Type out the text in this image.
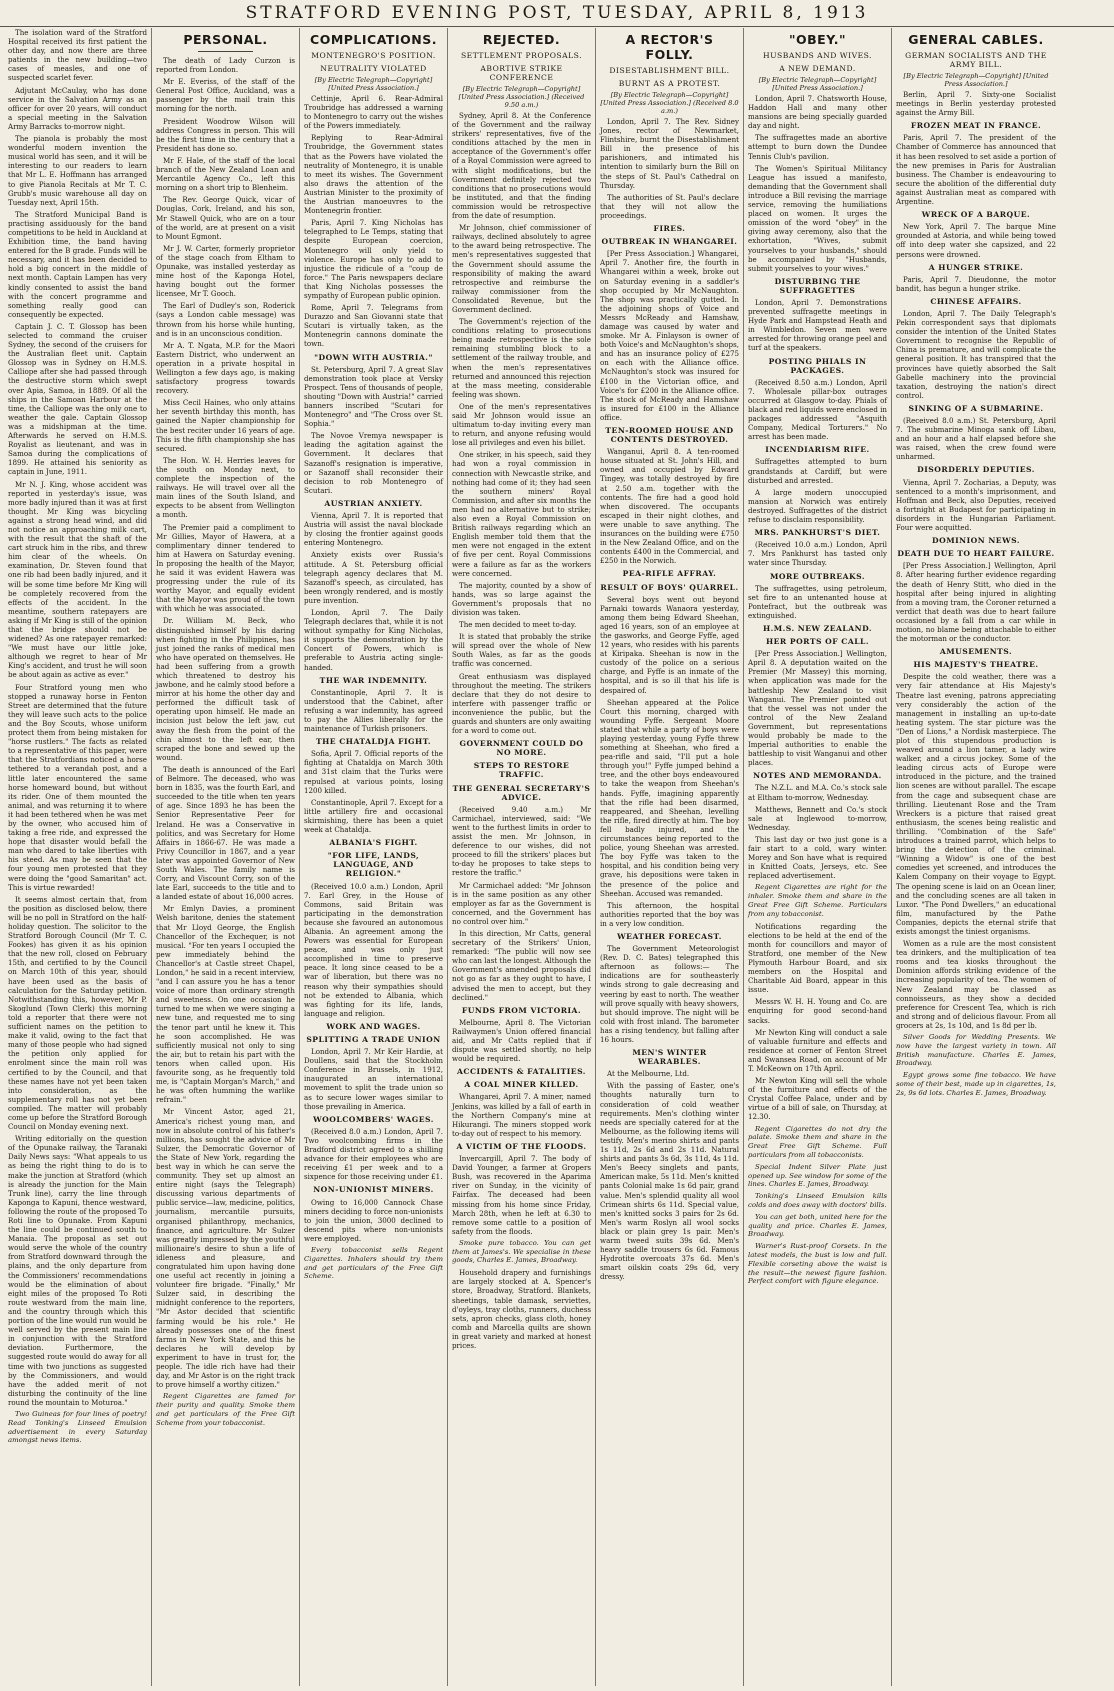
STRATFORD EVENING POST, TUESDAY, APRIL 8, 1913

The isolation ward of the Stratford Hospital received its first patient the other day, and now there are three patients in the new building—two cases of measles, and one of suspected scarlet fever.

Adjutant McCaulay, who has done service in the Salvation Army as an officer for over 20 years, will conduct a special meeting in the Salvation Army Barracks to-morrow night.

The pianola is probably the most wonderful modern invention the musical world has seen, and it will be interesting to our readers to learn that Mr L. E. Hoffmann has arranged to give Pianola Recitals at Mr T. C. Grubb's music warehouse all day on Tuesday next, April 15th.

The Stratford Municipal Band is practising assiduously for the band competitions to be held in Auckland at Exhibition time, the band having entered for the B grade. Funds will be necessary, and it has been decided to hold a big concert in the middle of next month. Captain Lampen has very kindly consented to assist the band with the concert programme and something really good can consequently be expected.

Captain J. C. T. Glossop has been selected to command the cruiser Sydney, the second of the cruisers for the Australian fleet unit. Captain Glossop was in Sydney on H.M.S. Calliope after she had passed through the destructive storm which swept over Apia, Samoa, in 1889. Of all the ships in the Samoan Harbour at the time, the Calliope was the only one to weather the gale. Captain Glossop was a midshipman at the time. Afterwards he served on H.M.S. Royalist as lieutenant, and was in Samoa during the complications of 1899. He attained his seniority as captain in June, 1911.

Mr N. J. King, whose accident was reported in yesterday's issue, was more badly injured than it was at first thought. Mr King was bicycling against a strong head wind, and did not notice an approaching milk cart, with the result that the shaft of the cart struck him in the ribs, and threw him clear of the wheels. On examination, Dr. Steven found that one rib had been badly injured, and it will be some time before Mr King will be completely recovered from the effects of the accident. In the meantime, southern ratepayers are asking if Mr King is still of the opinion that the bridge should not be widened? As one ratepayer remarked: "We must have our little joke, although we regret to hear of Mr King's accident, and trust he will soon be about again as active as ever."

Four Stratford young men who stopped a runaway horse in Fenton Street are determined that the future they will leave such acts to the police and the Boy Scouts, whose uniform protect them from being mistaken for "horse rustlers." The facts as related to a representative of this paper, were that the Stratfordians noticed a horse tethered to a verandah post, and a little later encountered the same horse homeward bound, but without its rider. One of them mounted the animal, and was returning it to where it had been tethered when he was met by the owner, who accused him of taking a free ride, and expressed the hope that disaster would befall the man who dared to take liberties with his steed. As may be seen that the four young men protested that they were doing the "good Samaritan" act. This is virtue rewarded!

It seems almost certain that, from the position as disclosed below, there will be no poll in Stratford on the half-holiday question. The solicitor to the Stratford Borough Council (Mr T. C. Fookes) has given it as his opinion that the new roll, closed on February 15th, and certified to by the Council on March 10th of this year, should have been used as the basis of calculation for the Saturday petition. Notwithstanding this, however, Mr P. Skoglund (Town Clerk) this morning told a reporter that there were not sufficient names on the petition to make it valid, owing to the fact that many of those people who had signed the petition only applied for enrolment since the main roll was certified to by the Council, and that these names have not yet been taken into consideration, as the supplementary roll has not yet been compiled. The matter will probably come up before the Stratford Borough Council on Monday evening next.

Writing editorially on the question of the Opunake railway, the Taranaki Daily News says: "What appeals to us as being the right thing to do is to make the junction at Stratford (which is already the junction for the Main Trunk line), carry the line through Kaponga to Kapuni, thence westward, following the route of the proposed To Roti line to Opunake. From Kapuni the line could be continued south to Manaia. The proposal as set out would serve the whole of the country from Stratford downward through the plains, and the only departure from the Commissioners' recommendations would be the elimination of about eight miles of the proposed To Roti route westward from the main line, and the country through which this portion of the line would run would be well served by the present main line in conjunction with the Stratford deviation. Furthermore, the suggested route would do away for all time with two junctions as suggested by the Commissioners, and would have the added merit of not disturbing the continuity of the line round the mountain to Moturoa."

Two Guineas for four lines of poetry! Read Tonking's Linseed Emulsion advertisement in every Saturday amongst news items.

PERSONAL.

The death of Lady Curzon is reported from London.

Mr E. Everiss, of the staff of the General Post Office, Auckland, was a passenger by the mail train this morning for the north.

President Woodrow Wilson will address Congress in person. This will be the first time in the century that a President has done so.

Mr F. Hale, of the staff of the local branch of the New Zealand Loan and Mercantile Agency Co., left this morning on a short trip to Blenheim.

The Rev. George Quick, vicar of Douglas, Cork, Ireland, and his son, Mr Stawell Quick, who are on a tour of the world, are at present on a visit to Mount Egmont.

Mr J. W. Carter, formerly proprietor of the stage coach from Eltham to Opunake, was installed yesterday as mine host of the Kaponga Hotel, having bought out the former licensee, Mr T. Gooch.

The Earl of Dudley's son, Roderick (says a London cable message) was thrown from his horse while hunting, and is in an unconscious condition.

Mr A. T. Ngata, M.P. for the Maori Eastern District, who underwent an operation in a private hospital in Wellington a few days ago, is making satisfactory progress towards recovery.

Miss Cecil Haines, who only attains her seventh birthday this month, has gained the Napier championship for the best reciter under 16 years of age. This is the fifth championship she has secured.

The Hon. W. H. Herries leaves for the south on Monday next, to complete the inspection of the railways. He will travel over all the main lines of the South Island, and expects to be absent from Wellington a month.

The Premier paid a compliment to Mr Gillies, Mayor of Hawera, at a complimentary dinner tendered to him at Hawera on Saturday evening. In proposing the health of the Mayor, he said it was evident Hawera was progressing under the rule of its worthy Mayor, and equally evident that the Mayor was proud of the town with which he was associated.

Dr. William M. Beck, who distinguished himself by his daring when fighting in the Philippines, has just joined the ranks of medical men who have operated on themselves. He had been suffering from a growth which threatened to destroy his jawbone, and he calmly stood before a mirror at his home the other day and performed the difficult task of operating upon himself. He made an incision just below the left jaw, cut away the flesh from the point of the chin almost to the left ear, then scraped the bone and sewed up the wound.

The death is announced of the Earl of Belmore. The deceased, who was born in 1835, was the fourth Earl, and succeeded to the title when ten years of age. Since 1893 he has been the Senior Representative Peer for Ireland. He was a Conservative in politics, and was Secretary for Home Affairs in 1866-67. He was made a Privy Councillor in 1867, and a year later was appointed Governor of New South Wales. The family name is Corry, and Viscount Corry, son of the late Earl, succeeds to the title and to a landed estate of about 16,000 acres.

Mr Emlyn Davies, a prominent Welsh baritone, denies the statement that Mr Lloyd George, the English Chancellor of the Exchequer, is not musical. "For ten years I occupied the pew immediately behind the Chancellor's at Castle street Chapel, London," he said in a recent interview, "and I can assure you he has a tenor voice of more than ordinary strength and sweetness. On one occasion he turned to me when we were singing a new tune, and requested me to sing the tenor part until he knew it. This he soon accomplished. He was sufficiently musical not only to sing the air, but to retain his part with the tenors when called upon. His favourite song, as he frequently told me, is "Captain Morgan's March," and he was often humming the warlike refrain."

Mr Vincent Astor, aged 21, America's richest young man, and now in absolute control of his father's millions, has sought the advice of Mr Sulzer, the Democratic Governor of the State of New York, regarding the best way in which he can serve the community. They set up almost an entire night (says the Telegraph) discussing various departments of public service—law, medicine, politics, journalism, mercantile pursuits, organised philanthropy, mechanics, finance, and agriculture. Mr Sulzer was greatly impressed by the youthful millionaire's desire to shun a life of idleness and pleasure, and congratulated him upon having done one useful act recently in joining a volunteer fire brigade. "Finally," Mr Sulzer said, in describing the midnight conference to the reporters, "Mr Astor decided that scientific farming would be his role." He already possesses one of the finest farms in New York State, and this he declares he will develop by experiment to have in trust for, the people. The idle rich have had their day, and Mr Astor is on the right track to prove himself a worthy citizen."

Regent Cigarettes are famed for their purity and quality. Smoke them and get particulars of the Free Gift Scheme from your tobacconist.

COMPLICATIONS.
MONTENEGRO'S POSITION.
NEUTRALITY VIOLATED
[By Electric Telegraph—Copyright] [United Press Association.]

Cettinje, April 6. Rear-Admiral Troubridge has addressed a warning to Montenegro to carry out the wishes of the Powers immediately.

Replying to Rear-Admiral Troubridge, the Government states that as the Powers have violated the neutrality of Montenegro, it is unable to meet its wishes. The Government also draws the attention of the Austrian Minister to the proximity of the Austrian manoeuvres to the Montenegrin frontier.

Paris, April 7. King Nicholas has telegraphed to Le Temps, stating that despite European coercion, Montenegro will only yield to violence. Europe has only to add to injustice the ridicule of a "coup de force." The Paris newspapers declare that King Nicholas possesses the sympathy of European public opinion.

Rome, April 7. Telegrams from Durazzo and San Giovanni state that Scutari is virtually taken, as the Montenegrin cannons dominate the town.

"DOWN WITH AUSTRIA."

St. Petersburg, April 7. A great Slav demonstration took place at Versky Prospect. Tens of thousands of people, shouting "Down with Austria!" carried banners inscribed "Scutari for Montenegro" and "The Cross over St. Sophia."

The Novoe Vremya newspaper is leading the agitation against the Government. It declares that Sazanoff's resignation is imperative, or Sazanoff shall reconsider their decision to rob Montenegro of Scutari.

AUSTRIAN ANXIETY.

Vienna, April 7. It is reported that Austria will assist the naval blockade by closing the frontier against goods entering Montenegro.

Anxiety exists over Russia's attitude. A St. Petersburg official telegraph agency declares that M. Sazanoff's speech, as circulated, has been wrongly rendered, and is mostly pure invention.

London, April 7. The Daily Telegraph declares that, while it is not without sympathy for King Nicholas, it supports the demonstration by the Concert of Powers, which is preferable to Austria acting single-handed.

THE WAR INDEMNITY.

Constantinople, April 7. It is understood that the Cabinet, after refusing a war indemnity, has agreed to pay the Allies liberally for the maintenance of Turkish prisoners.

THE CHATALDJA FIGHT.

Sofia, April 7. Official reports of the fighting at Chataldja on March 30th and 31st claim that the Turks were repulsed at various points, losing 1200 killed.

Constantinople, April 7. Except for a little artillery fire and occasional skirmishing, there has been a quiet week at Chataldja.

ALBANIA'S FIGHT.

"FOR LIFE, LANDS, LANGUAGE, AND RELIGION."

(Received 10.0 a.m.) London, April 7. Earl Grey, in the House of Commons, said Britain was participating in the demonstration because she favoured an autonomous Albania. An agreement among the Powers was essential for European peace, and was only just accomplished in time to preserve peace. It long since ceased to be a war of liberation, but there was no reason why their sympathies should not be extended to Albania, which was fighting for its life, lands, language and religion.

WORK AND WAGES.

SPLITTING A TRADE UNION

London, April 7. Mr Keir Hardie, at Doullens, said that the Stockholm Conference in Brussels, in 1912, inaugurated an international movement to split the trade union so as to secure lower wages similar to those prevailing in America.

WOOLCOMBERS' WAGES.

(Received 8.0 a.m.) London, April 7. Two woolcombing firms in the Bradford district agreed to a shilling advance for their employees who are receiving £1 per week and to a sixpence for those receiving under £1.

NON-UNIONIST MINERS.

Owing to 16,000 Cannock Chase miners deciding to force non-unionists to join the union, 3000 declined to descend pits where non-unionists were employed.

Every tobacconist sells Regent Cigarettes. Inhalers should try them and get particulars of the Free Gift Scheme.

REJECTED.
SETTLEMENT PROPOSALS.
ABORTIVE STRIKE CONFERENCE
[By Electric Telegraph—Copyright] [United Press Association.] (Received 9.50 a.m.)

Sydney, April 8. At the Conference of the Government and the railway strikers' representatives, five of the conditions attached by the men in acceptance of the Government's offer of a Royal Commission were agreed to with slight modifications, but the Government definitely rejected two conditions that no prosecutions would be instituted, and that the finding commission would be retrospective from the date of resumption.

Mr Johnson, chief commissioner of railways, declined absolutely to agree to the award being retrospective. The men's representatives suggested that the Government should assume the responsibility of making the award retrospective and reimburse the railway commissioner from the Consolidated Revenue, but the Government declined.

The Government's rejection of the conditions relating to prosecutions being made retrospective is the sole remaining stumbling block to a settlement of the railway trouble, and when the men's representatives returned and announced this rejection at the mass meeting, considerable feeling was shown.

One of the men's representatives said Mr Johnson would issue an ultimatum to-day inviting every man to return, and anyone refusing would lose all privileges and even his billet.

One striker, in his speech, said they had won a royal commission in connection with Newcastle strike, and nothing had come of it; they had seen the southern miners' Royal Commission, and after six months the men had no alternative but to strike; also even a Royal Commission on British railways regarding which an English member told them that the men were not engaged in the extent of five per cent. Royal Commissions were a failure as far as the workers were concerned.

The majority, counted by a show of hands, was so large against the Government's proposals that no division was taken.

The men decided to meet to-day.

It is stated that probably the strike will spread over the whole of New South Wales, as far as the goods traffic was concerned.

Great enthusiasm was displayed throughout the meeting. The strikers declare that they do not desire to interfere with passenger traffic or inconvenience the public, but the guards and shunters are only awaiting for a word to come out.

GOVERNMENT COULD DO NO MORE.

STEPS TO RESTORE TRAFFIC.

THE GENERAL SECRETARY'S ADVICE.

(Received 9.40 a.m.) Mr Carmichael, interviewed, said: "We went to the furthest limits in order to assist the men. Mr Johnson, in deference to our wishes, did not proceed to fill the strikers' places but to-day he proposes to take steps to restore the traffic."

Mr Carmichael added: "Mr Johnson is in the same position as any other employer as far as the Government is concerned, and the Government has no control over him."

In this direction, Mr Catts, general secretary of the Strikers' Union, remarked: "The public will now see who can last the longest. Although the Government's amended proposals did not go as far as they ought to have, I advised the men to accept, but they declined."

FUNDS FROM VICTORIA.

Melbourne, April 8. The Victorian Railwaymen's Union offered financial aid, and Mr Catts replied that if dispute was settled shortly, no help would be required.

ACCIDENTS & FATALITIES.

A COAL MINER KILLED.

Whangarei, April 7. A miner, named Jenkins, was killed by a fall of earth in the Northern Company's mine at Hikurangi. The miners stopped work to-day out of respect to his memory.

A VICTIM OF THE FLOODS.

Invercargill, April 7. The body of David Younger, a farmer at Gropers Bush, was recovered in the Aparima river on Sunday, in the vicinity of Fairfax. The deceased had been missing from his home since Friday, March 28th, when he left at 6.30 to remove some cattle to a position of safety from the floods.

Smoke pure tobacco. You can get them at James's. We specialise in these goods, Charles E. James, Broadway.

Household drapery and furnishings are largely stocked at A. Spencer's store, Broadway, Stratford. Blankets, sheetings, table damask, serviettes, d'oyleys, tray cloths, runners, duchess sets, apron checks, glass cloth, honey comb and Marcella quilts are shown in great variety and marked at honest prices.

A RECTOR'S FOLLY.
DISESTABLISHMENT BILL.
BURNT AS A PROTEST.
[By Electric Telegraph—Copyright] [United Press Association.] (Received 8.0 a.m.)

London, April 7. The Rev. Sidney Jones, rector of Newmarket, Flintshire, burnt the Disestablishment Bill in the presence of his parishioners, and intimated his intention to similarly burn the Bill on the steps of St. Paul's Cathedral on Thursday.

The authorities of St. Paul's declare that they will not allow the proceedings.

FIRES.

OUTBREAK IN WHANGAREI.

[Per Press Association.] Whangarei, April 7. Another fire, the fourth in Whangarei within a week, broke out on Saturday evening in a saddler's shop occupied by Mr McNaughton. The shop was practically gutted. In the adjoining shops of Voice and Messrs McReady and Hamshaw, damage was caused by water and smoke. Mr A. Finlayson is owner of both Voice's and McNaughton's shops, and has an insurance policy of £275 on each with the Alliance office. McNaughton's stock was insured for £100 in the Victorian office, and Voice's for £200 in the Alliance office. The stock of McReady and Hamshaw is insured for £100 in the Alliance office.

TEN-ROOMED HOUSE AND CONTENTS DESTROYED.

Wanganui, April 8. A ten-roomed house situated at St. John's Hill, and owned and occupied by Edward Tingey, was totally destroyed by fire at 2.50 a.m. together with the contents. The fire had a good hold when discovered. The occupants escaped in their night clothes, and were unable to save anything. The insurances on the building were £750 in the New Zealand Office, and on the contents £400 in the Commercial, and £250 in the Norwich.

PEA-RIFLE AFFRAY.

RESULT OF BOYS' QUARREL.

Several boys went out beyond Parnaki towards Wanaora yesterday, among them being Edward Sheehan, aged 16 years, son of an employee at the gasworks, and George Fyffe, aged 12 years, who resides with his parents at Kiripaka. Sheehan is now in the custody of the police on a serious charge, and Fyffe is an inmate of the hospital, and is so ill that his life is despaired of.

Sheehan appeared at the Police Court this morning, charged with wounding Fyffe. Sergeant Moore stated that while a party of boys were playing yesterday, young Fyffe threw something at Sheehan, who fired a pea-rifle and said, "I'll put a hole through you!" Fyffe jumped behind a tree, and the other boys endeavoured to take the weapon from Sheehan's hands. Fyffe, imagining apparently that the rifle had been disarmed, reappeared, and Sheehan, levelling the rifle, fired directly at him. The boy fell badly injured, and the circumstances being reported to the police, young Sheehan was arrested. The boy Fyffe was taken to the hospital, and his condition being very grave, his depositions were taken in the presence of the police and Sheehan. Accused was remanded.

This afternoon, the hospital authorities reported that the boy was in a very low condition.

WEATHER FORECAST.

The Government Meteorologist (Rev. D. C. Bates) telegraphed this afternoon as follows:— The indications are for southeasterly winds strong to gale decreasing and veering by east to north. The weather will prove squally with heavy showers, but should improve. The night will be cold with frost inland. The barometer has a rising tendency, but falling after 16 hours.

MEN'S WINTER WEARABLES.

At the Melbourne, Ltd.

With the passing of Easter, one's thoughts naturally turn to consideration of cold weather requirements. Men's clothing winter needs are specially catered for at the Melbourne, as the following items will testify. Men's merino shirts and pants 1s 11d, 2s 6d and 2s 11d. Natural shirts and pants 3s 6d, 3s 11d, 4s 11d. Men's Beecy singlets and pants, American make, 5s 11d. Men's knitted pants Colonial make 1s 6d pair, grand value. Men's splendid quality all wool Crimean shirts 6s 11d. Special value, men's knitted socks 3 pairs for 2s 6d. Men's warm Roslyn all wool socks black or plain grey 1s pair. Men's warm tweed suits 39s 6d. Men's heavy saddle trousers 6s 6d. Famous Hydrotite overcoats 37s 6d. Men's smart oilskin coats 29s 6d, very dressy.

"OBEY."
HUSBANDS AND WIVES.
A NEW DEMAND.
[By Electric Telegraph—Copyright] [United Press Association.]

London, April 7. Chatsworth House, Haddon Hall and many other mansions are being specially guarded day and night.

The suffragettes made an abortive attempt to burn down the Dundee Tennis Club's pavilion.

The Women's Spiritual Militancy League has issued a manifesto, demanding that the Government shall introduce a Bill revising the marriage service, removing the humiliations placed on women. It urges the omission of the word "obey" in the giving away ceremony, also that the exhortation, "Wives, submit yourselves to your husbands," should be accompanied by "Husbands, submit yourselves to your wives."

DISTURBING THE SUFFRAGETTES

London, April 7. Demonstrations prevented suffragette meetings in Hyde Park and Hampstead Heath and in Wimbledon. Seven men were arrested for throwing orange peel and turf at the speakers.

POSTING PHIALS IN PACKAGES.

(Received 8.50 a.m.) London, April 7. Wholesale pillar-box outrages occurred at Glasgow to-day. Phials of black and red liquids were enclosed in packages addressed "Asquith Company, Medical Torturers." No arrest has been made.

INCENDIARISM RIFE.

Suffragettes attempted to burn grandstands at Cardiff, but were disturbed and arrested.

A large modern unoccupied mansion at Norwich was entirely destroyed. Suffragettes of the district refuse to disclaim responsibility.

MRS. PANKHURST'S DIET.

(Received 10.0 a.m.) London, April 7. Mrs Pankhurst has tasted only water since Thursday.

MORE OUTBREAKS.

The suffragettes, using petroleum, set fire to an untenanted house at Pontefract, but the outbreak was extinguished.

H.M.S. NEW ZEALAND.

HER PORTS OF CALL.

[Per Press Association.] Wellington, April 8. A deputation waited on the Premier (Mr Massey) this morning, when application was made for the battleship New Zealand to visit Wanganui. The Premier pointed out that the vessel was not under the control of the New Zealand Government, but representations would probably be made to the Imperial authorities to enable the battleship to visit Wanganui and other places.

NOTES AND MEMORANDA.

The N.Z.L. and M.A. Co.'s stock sale at Eltham to-morrow, Wednesday.

Matthews, Bennett and Co.'s stock sale at Inglewood to-morrow, Wednesday.

This last day or two just gone is a fair start to a cold, wary winter. Morey and Son have what is required in Knitted Coats, Jerseys, etc. See replaced advertisement.

Regent Cigarettes are right for the inhaler. Smoke them and share in the Great Free Gift Scheme. Particulars from any tobacconist.

Notifications regarding the elections to be held at the end of the month for councillors and mayor of Stratford, one member of the New Plymouth Harbour Board, and six members on the Hospital and Charitable Aid Board, appear in this issue.

Messrs W. H. H. Young and Co. are enquiring for good second-hand sacks.

Mr Newton King will conduct a sale of valuable furniture and effects and residence at corner of Fenton Street and Swansea Road, on account of Mr T. McKeown on 17th April.

Mr Newton King will sell the whole of the furniture and effects of the Crystal Coffee Palace, under and by virtue of a bill of sale, on Thursday, at 12.30.

Regent Cigarettes do not dry the palate. Smoke them and share in the Great Free Gift Scheme. Full particulars from all tobacconists.

Special Indent Silver Plate just opened up. See window for some of the lines. Charles E. James, Broadway.

Tonking's Linseed Emulsion kills colds and does away with doctors' bills.

You can get both, united here for the quality and price. Charles E. James, Broadway.

Warner's Rust-proof Corsets. In the latest models, the bust is low and full. Flexible corseting above the waist is the result—the newest figure fashion. Perfect comfort with figure elegance.

GENERAL CABLES.
GERMAN SOCIALISTS AND THE ARMY BILL.
[By Electric Telegraph—Copyright] [United Press Association.]

Berlin, April 7. Sixty-one Socialist meetings in Berlin yesterday protested against the Army Bill.

FROZEN MEAT IN FRANCE.

Paris, April 7. The president of the Chamber of Commerce has announced that it has been resolved to set aside a portion of the new premises in Paris for Australian business. The Chamber is endeavouring to secure the abolition of the differential duty against Australian meat as compared with Argentine.

WRECK OF A BARQUE.

New York, April 7. The barque Mine grounded at Astoria, and while being towed off into deep water she capsized, and 22 persons were drowned.

A HUNGER STRIKE.

Paris, April 7. Dieudonne, the motor bandit, has begun a hunger strike.

CHINESE AFFAIRS.

London, April 7. The Daily Telegraph's Pekin correspondent says that diplomats consider the intention of the United States Government to recognise the Republic of China is premature, and will complicate the general position. It has transpired that the provinces have quietly absorbed the Salt Gabelle machinery into the provincial taxation, destroying the nation's direct control.

SINKING OF A SUBMARINE.

(Received 8.0 a.m.) St. Petersburg, April 7. The submarine Minoga sank off Libau, and an hour and a half elapsed before she was raised, when the crew found were unharmed.

DISORDERLY DEPUTIES.

Vienna, April 7. Zocharias, a Deputy, was sentenced to a month's imprisonment, and Hoffman and Beck, also Deputies, received a fortnight at Budapest for participating in disorders in the Hungarian Parliament. Four were acquitted.

DOMINION NEWS.

DEATH DUE TO HEART FAILURE.

[Per Press Association.] Wellington, April 8. After hearing further evidence regarding the death of Henry Stitt, who died in the hospital after being injured in alighting from a moving tram, the Coroner returned a verdict that death was due to heart failure occasioned by a fall from a car while in motion, no blame being attachable to either the motorman or the conductor.

AMUSEMENTS.

HIS MAJESTY'S THEATRE.

Despite the cold weather, there was a very fair attendance at His Majesty's Theatre last evening, patrons appreciating very considerably the action of the management in installing an up-to-date heating system. The star picture was the "Den of Lions," a Nordisk masterpiece. The plot of this stupendous production is weaved around a lion tamer, a lady wire walker, and a circus jockey. Some of the leading circus acts of Europe were introduced in the picture, and the trained lion scenes are without parallel. The escape from the cage and subsequent chase are thrilling. Lieutenant Rose and the Tram Wreckers is a picture that raised great enthusiasm, the scenes being realistic and thrilling. "Combination of the Safe" introduces a trained parrot, which helps to bring the detection of the criminal. "Winning a Widow" is one of the best comedies yet screened, and introduces the Kalem Company on their voyage to Egypt. The opening scene is laid on an Ocean liner, and the concluding scenes are all taken in Luxor. "The Pond Dwellers," an educational film, manufactured by the Pathe Companies, depicts the eternal strife that exists amongst the tiniest organisms.

Women as a rule are the most consistent tea drinkers, and the multiplication of tea rooms and tea kiosks throughout the Dominion affords striking evidence of the increasing popularity of tea. The women of New Zealand may be classed as connoisseurs, as they show a decided preference for Crescent Tea, which is rich and strong and of delicious flavour. From all grocers at 2s, 1s 10d, and 1s 8d per lb.

Silver Goods for Wedding Presents. We now have the largest variety in town. All British manufacture. Charles E. James, Broadway.

Egypt grows some fine tobacco. We have some of their best, made up in cigarettes, 1s, 2s, 9s 6d lots. Charles E. James, Broadway.
